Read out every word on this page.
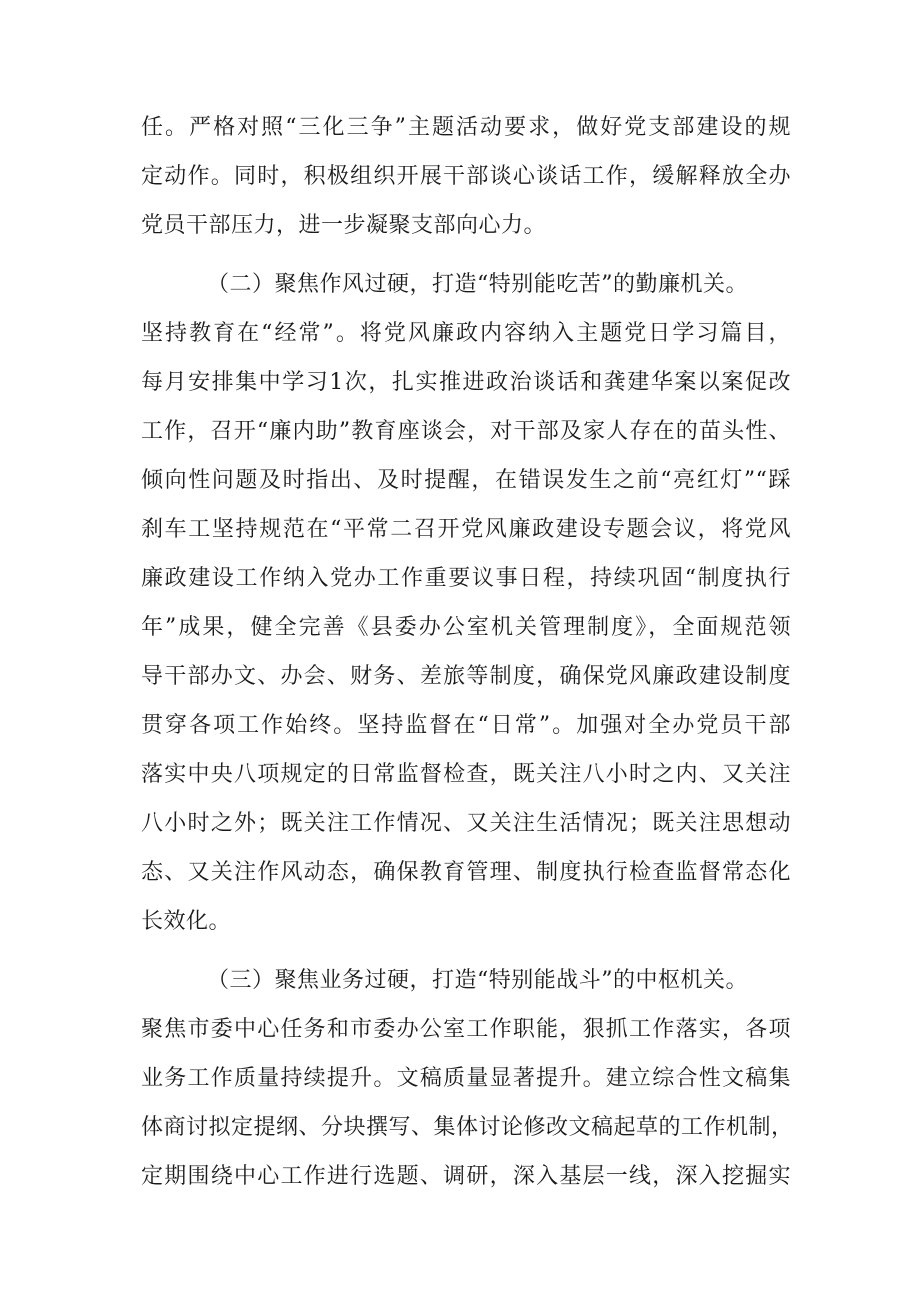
任。严格对照“三化三争”主题活动要求，做好党支部建设的规
定动作。同时，积极组织开展干部谈心谈话工作，缓解释放全办
党员干部压力，进一步凝聚支部向心力。
（二）聚焦作风过硬，打造“特别能吃苦”的勤廉机关。
坚持教育在“经常”。将党风廉政内容纳入主题党日学习篇目，
每月安排集中学习1次，扎实推进政治谈话和龚建华案以案促改
工作，召开“廉内助”教育座谈会，对干部及家人存在的苗头性、
倾向性问题及时指出、及时提醒，在错误发生之前“亮红灯”“踩
刹车工坚持规范在“平常二召开党风廉政建设专题会议，将党风
廉政建设工作纳入党办工作重要议事日程，持续巩固“制度执行
年”成果，健全完善《县委办公室机关管理制度》，全面规范领
导干部办文、办会、财务、差旅等制度，确保党风廉政建设制度
贯穿各项工作始终。坚持监督在“日常”。加强对全办党员干部
落实中央八项规定的日常监督检查，既关注八小时之内、又关注
八小时之外；既关注工作情况、又关注生活情况；既关注思想动
态、又关注作风动态，确保教育管理、制度执行检查监督常态化
长效化。
（三）聚焦业务过硬，打造“特别能战斗”的中枢机关。
聚焦市委中心任务和市委办公室工作职能，狠抓工作落实，各项
业务工作质量持续提升。文稿质量显著提升。建立综合性文稿集
体商讨拟定提纲、分块撰写、集体讨论修改文稿起草的工作机制，
定期围绕中心工作进行选题、调研，深入基层一线，深入挖掘实
